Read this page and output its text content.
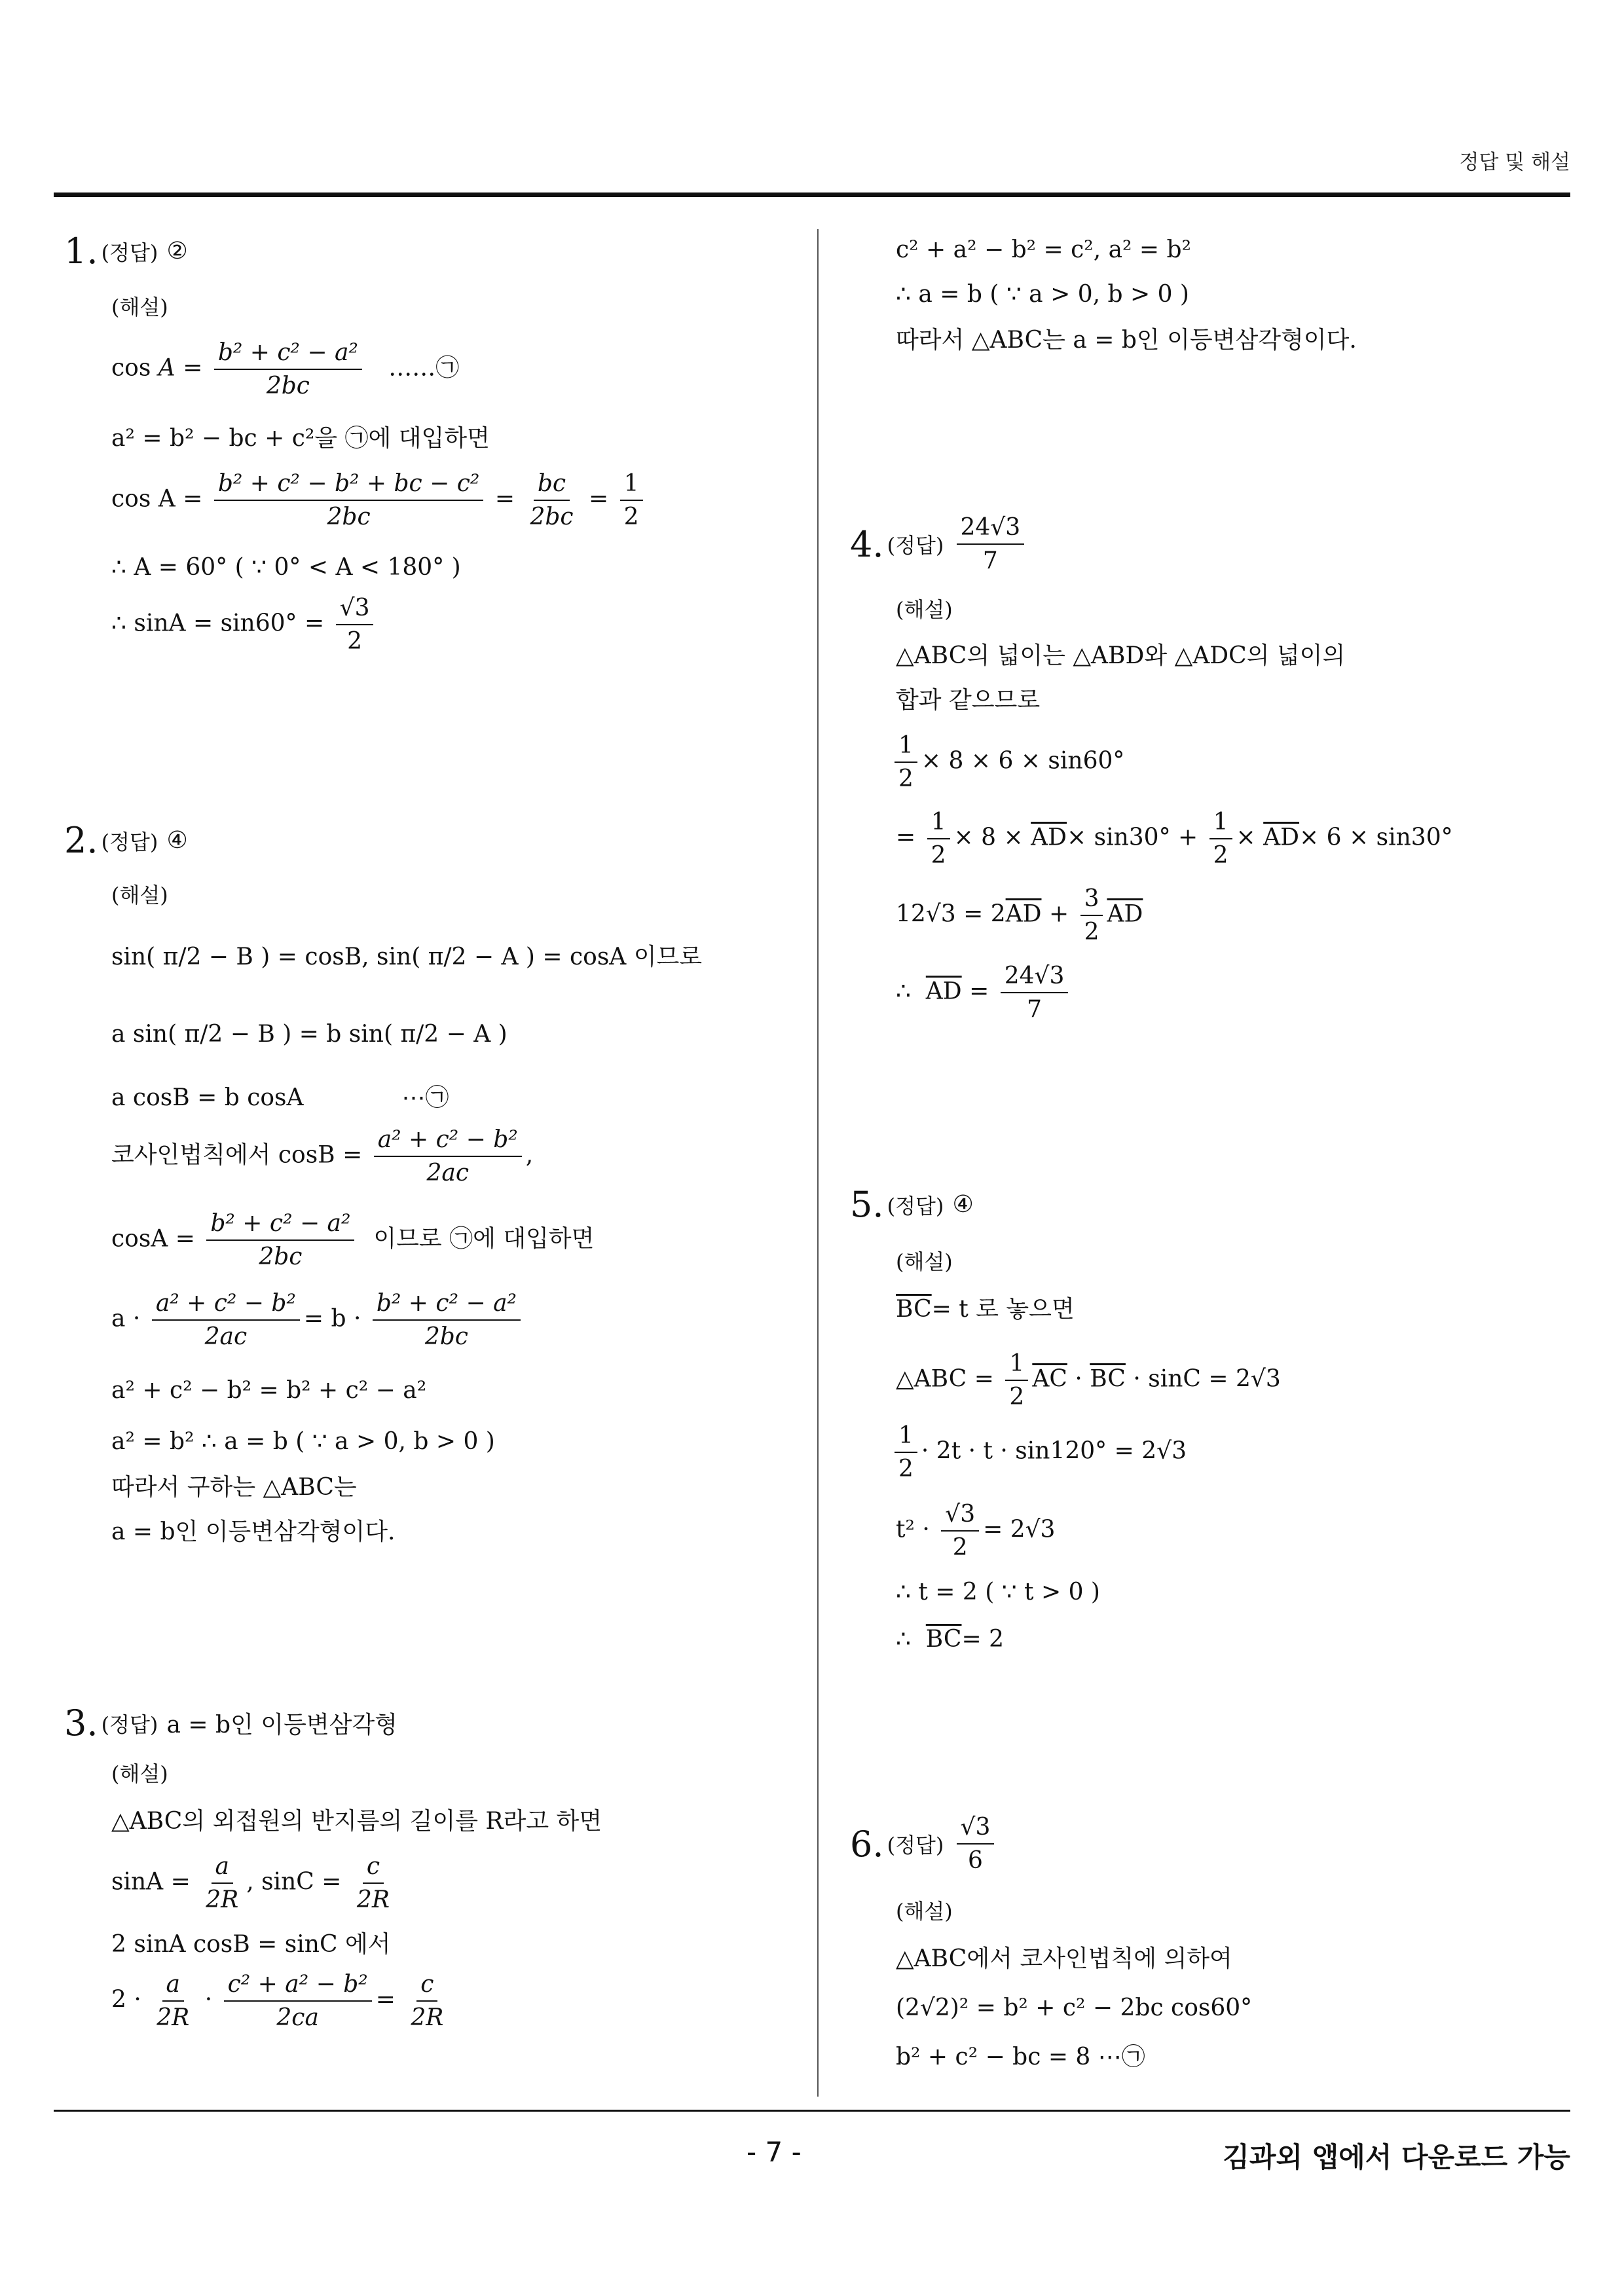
정답 및 해설
- 7 -	김과외 앱에서 다운로드 가능
1. (정답) ②
(해설)
$\cos A = \frac{\text{b² + c² − a²}}{2bc}$ ……㉠
a² = b² − bc + c²을 ㉠에 대입하면
$\cos A = \frac{\text{b² + c² − b² + bc − c²}}{2bc} = \frac{bc}{2bc} = \frac{1}{2}$
∴ A = 60° ( ∵ 0° < A < 180° )
∴ $\sin A = \sin 60^\circ = \frac{√3}{2}$
2. (정답) ④
(해설)
sin( π/2 − B ) = cosB, sin( π/2 − A ) = cosA 이므로
a sin( π/2 − B ) = b sin( π/2 − A )
a cosB = b cosA	⋯㉠
코사인법칙에서 $\cos B = \frac{\text{a² + c² − b²}}{2ac}$ ,
$\cos A = \frac{\text{b² + c² − a²}}{2bc}$ 이므로 ㉠에 대입하면
$a \cdot \frac{\text{a² + c² − b²}}{2ac} = b \cdot \frac{\text{b² + c² − a²}}{2bc}$
a² + c² − b² = b² + c² − a²
a² = b² ∴ a = b ( ∵ a > 0, b > 0 )
따라서 구하는 △ABC는
a = b인 이등변삼각형이다.
3. (정답) a = b인 이등변삼각형
(해설)
△ABC의 외접원의 반지름의 길이를 R라고 하면
$\sin A = \frac{a}{2R}$ , $\sin C = \frac{c}{2R}$
2 sinA cosB = sinC 에서
$2 \cdot \frac{a}{2R} \cdot \frac{\text{c² + a² − b²}}{2ca} = \frac{c}{2R}$
c² + a² − b² = c², a² = b²
∴ a = b ( ∵ a > 0, b > 0 )
따라서 △ABC는 a = b인 이등변삼각형이다.
4. (정답) $\frac{24√3}{7}$
(해설)
△ABC의 넓이는 △ABD와 △ADC의 넓이의
합과 같으므로
$\frac{1}{2} \times 8 \times 6 \times \sin 60^\circ$
= $\frac{1}{2} \times 8 \times \overline{AD}\times \sin 30^\circ + \frac{1}{2} \times \overline{AD}\times 6 \times \sin 30^\circ$
$12√3 = 2\overline{AD} + \frac{3}{2} \overline{AD}$
∴ $\overline{AD} = \frac{24√3}{7}$
5. (정답) ④
(해설)
$\overline{BC}= t$ 로 놓으면
△ABC = $\frac{1}{2} \overline{AC} \cdot \overline{BC} \cdot \sin C = 2√3$
$\frac{1}{2} \cdot 2t \cdot t \cdot \sin 120^\circ = 2√3$
$t^2 \cdot \frac{√3}{2} = 2√3$
∴ t = 2 ( ∵ t > 0 )
∴ $\overline{BC}= 2$
6. (정답) $\frac{√3}{6}$
(해설)
△ABC에서 코사인법칙에 의하여
(2√2)² = b² + c² − 2bc cos60°
b² + c² − bc = 8 ⋯㉠
